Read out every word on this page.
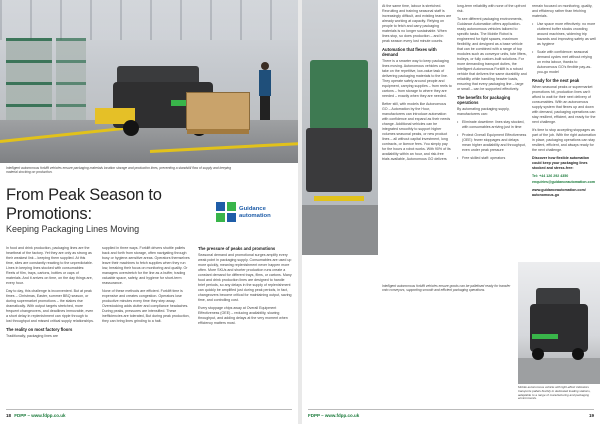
Intelligent autonomous forklift vehicles ensure packaging materials location storage and production lines, preventing a standstill flow of supply and keeping material stocking on production.
From Peak Season to Promotions:
Keeping Packaging Lines Moving
Guidance
automation

In food and drink production, packaging lines are the heartbeat of the factory. Yet they are only as strong as their weakest link – keeping them supplied. At this time, sites are constantly reacting to the unpredictable. Lines in keeping lines stocked with consumables: Reels of film, trays, cartons, bottles or caps of materials. And it arrives on time, on the day things are, every hour.

Day to day, this challenge is inconvenient. But at peak times – Christmas, Easter, summer BBQ season, or during supermarket promotions – the stakes rise dramatically. With output targets stretched, more frequent changeovers, and deadlines immovable, even a short delay in replenishment can ripple through to lost throughput and missed critical supply relationships.

The reality on most factory floors

Traditionally, packaging lines are

supplied in three ways. Forklift drivers shuttle pallets back and forth from storage, often navigating through busy or hygiene-sensitive areas. Operators themselves leave their machines to fetch supplies when they run low, breaking their focus on monitoring and quality. Or managers overstretch for the line as a buffer, trading valuable space, safety, and hygiene for short-term reassurance.

None of these methods are efficient. Forklift time is expensive and creates congestion. Operators lose productive minutes every time they step away. Overstocking adds clutter and compliance headaches. During peaks, pressures are intensified. These inefficiencies are tolerated, But during peak production, they can bring lines grinding to a halt.

The pressure of peaks and promotions

Seasonal demand and promotional surges amplify every weak point in packaging supply. Consumables are used up more quickly, meaning replenishment never happen more often. More SKUs and shorter production runs create a constant demand for different trays, films, or cartons. Many food and drink production lines are designed to handle brief periods, so any delays in the supply of replenishment can quickly be amplified just during peak periods, in fact, changeovers become critical for maintaining output, saving time, and controlling cost.

Every stoppage chips away at Overall Equipment Effectiveness (OEE) – reducing availability, slowing throughput, and adding delays at the very moment when efficiency matters most.

18 FDPP – www.fdpp.co.uk

At the same time, labour is stretched. Recruiting and training seasonal staff is increasingly difficult, and existing teams are already working at capacity. Relying on people to fetch and carry packaging materials is no longer sustainable. When lines stop, so does production – and in peak season every lost minute counts.

Automation that flexes with demand

There is a smarter way to keep packaging lines moving. Autonomous vehicles can take on the repetitive, low-value task of delivering packaging materials to the line. They operate safely around people and equipment, carrying supplies – from reels to cartons – from storage to where they are needed – exactly when they are needed.

Better still, with models like Autonomous GO – Automation by the Hour, manufacturers can introduce automation with confidence and expand as their needs change. Additional vehicles can be integrated smoothly to support higher volumes seasonal peaks, or new product lines – all without capital investment, long contracts, or licence fees. You simply pay for the hours a robot works. With 90% of its availability within an hour, and risk-free trials available, Autonomous GO delivers

long-term reliability with none of the upfront risk.

To see different packaging environments, Guidance Automation offers application-ready autonomous vehicles tailored to specific tasks. The Mobile Robot is engineered for tight spaces, maximum flexibility, and designed as a base vehicle that can be combined with a range of top modules such as conveyor units, tote lifters, trolleys, or fully custom-built solutions. For more demanding transport duties, the Intelligent Autonomous Forklift is a robust vehicle that delivers the same durability and reliability while handling heavier loads, ensuring that every packaging line – large or small – can be supported effectively.

The benefits for packaging operations

By automating packaging supply, manufacturers can:

• Eliminate downtime: lines stay stocked, with consumables arriving just in time
• Protect Overall Equipment Effectiveness (OEE): fewer stoppages and delays mean higher availability and throughput, even under peak pressure
• Free skilled staff: operators
Intelligent autonomous forklift vehicles ensure goods can be palletised ready for transfer onto conveyors, supporting smooth and efficient packaging operations.

remain focused on monitoring, quality, and efficiency rather than fetching materials.

• Use space more effectively: no more cluttered buffer stocks crowding around machines, widening trip hazards and improving safety as well as hygiene
• Scale with confidence: seasonal demand cycles met without relying on extra labour, thanks to Autonomous GO's flexible pay-as-you-go model
Ready for the next peak

When seasonal peaks or supermarket promotions hit, production lines can't afford to wait for their next delivery of consumables. With an autonomous supply system that flexes up and down with demand, packaging operations can stay resilient, efficient, and ready for the next challenge.

It's time to stop accepting stoppages as part of the job. With the right automation in place, packaging operations can stay resilient, efficient, and always ready for the next challenge.

Discover how flexible automation could keep your packaging lines stocked and stress-free:

Tel: +44 126 292 4350

enquiries@guidanceautomation.com

www.guidanceautomation.com/

autonomous-go

Mobile autonomous vehicle with light-effect indicators transports pallets flexibly to dedicated loading stations, adaptable to a range of manufacturing and packaging environments.
FDPP – www.fdpp.co.uk	19
